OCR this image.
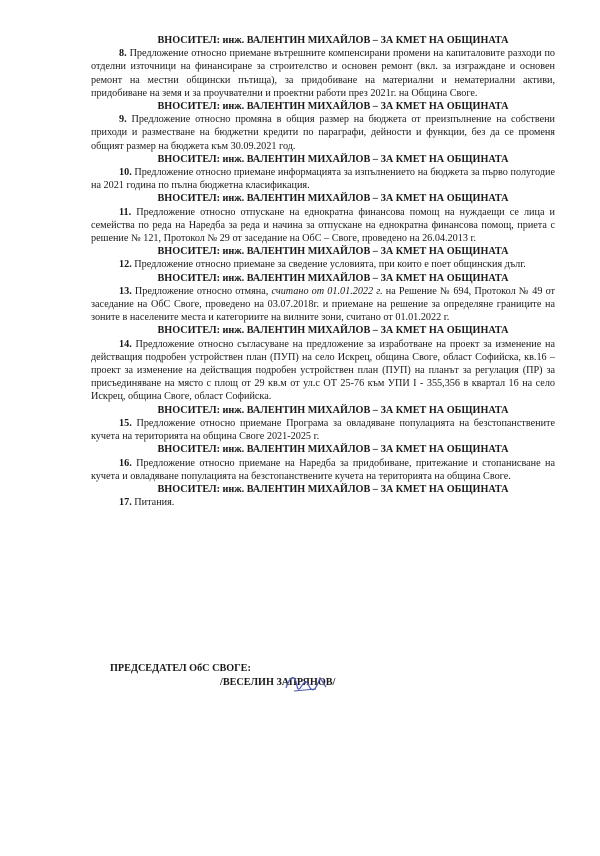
ВНОСИТЕЛ: инж. ВАЛЕНТИН МИХАЙЛОВ – ЗА КМЕТ НА ОБЩИНАТА

8. Предложение относно приемане вътрешните компенсирани промени на капиталовите разходи по отделни източници на финансиране за строителство и основен ремонт (вкл. за изграждане и основен ремонт на местни общински пътища), за придобиване на материални и нематериални активи, придобиване на земя и за проучвателни и проектни работи през 2021г. на Община Своге.

ВНОСИТЕЛ: инж. ВАЛЕНТИН МИХАЙЛОВ – ЗА КМЕТ НА ОБЩИНАТА

9. Предложение относно промяна в общия размер на бюджета от преизпълнение на собствени приходи и разместване на бюджетни кредити по параграфи, дейности и функции, без да се променя общият размер на бюджета към 30.09.2021 год.

ВНОСИТЕЛ: инж. ВАЛЕНТИН МИХАЙЛОВ – ЗА КМЕТ НА ОБЩИНАТА

10. Предложение относно приемане информацията за изпълнението на бюджета за първо полугодие на 2021 година по пълна бюджетна класификация.

ВНОСИТЕЛ: инж. ВАЛЕНТИН МИХАЙЛОВ – ЗА КМЕТ НА ОБЩИНАТА

11. Предложение относно отпускане на еднократна финансова помощ на нуждаещи се лица и семейства по реда на Наредба за реда и начина за отпускане на еднократна финансова помощ, приета с решение № 121, Протокол № 29 от заседание на ОбС – Своге, проведено на 26.04.2013 г.

ВНОСИТЕЛ: инж. ВАЛЕНТИН МИХАЙЛОВ – ЗА КМЕТ НА ОБЩИНАТА

12. Предложение относно приемане за сведение условията, при които е поет общинския дълг.

ВНОСИТЕЛ: инж. ВАЛЕНТИН МИХАЙЛОВ – ЗА КМЕТ НА ОБЩИНАТА

13. Предложение относно отмяна, считано от 01.01.2022 г. на Решение № 694, Протокол № 49 от заседание на ОбС Своге, проведено на 03.07.2018г. и приемане на решение за определяне границите на зоните в населените места и категориите на вилните зони, считано от 01.01.2022 г.

ВНОСИТЕЛ: инж. ВАЛЕНТИН МИХАЙЛОВ – ЗА КМЕТ НА ОБЩИНАТА

14. Предложение относно съгласуване на предложение за изработване на проект за изменение на действащия подробен устройствен план (ПУП) на село Искрец, община Своге, област Софийска, кв.16 – проект за изменение на действащия подробен устройствен план (ПУП) на планът за регулация (ПР) за присъединяване на място с площ от 29 кв.м от ул.с ОТ 25-76 към УПИ I - 355,356 в квартал 16 на село Искрец, община Своге, област Софийска.

ВНОСИТЕЛ: инж. ВАЛЕНТИН МИХАЙЛОВ – ЗА КМЕТ НА ОБЩИНАТА

15. Предложение относно приемане Програма за овладяване популацията на безстопанствените кучета на територията на община Своге 2021-2025 г.

ВНОСИТЕЛ: инж. ВАЛЕНТИН МИХАЙЛОВ – ЗА КМЕТ НА ОБЩИНАТА

16. Предложение относно приемане на Наредба за придобиване, притежание и стопанисване на кучета и овладяване популацията на безстопанствените кучета на територията на община Своге.

ВНОСИТЕЛ: инж. ВАЛЕНТИН МИХАЙЛОВ – ЗА КМЕТ НА ОБЩИНАТА

17. Питания.

ПРЕДСЕДАТЕЛ ОбС СВОГЕ:
/ВЕСЕЛИН ЗАПРЯНОВ/
